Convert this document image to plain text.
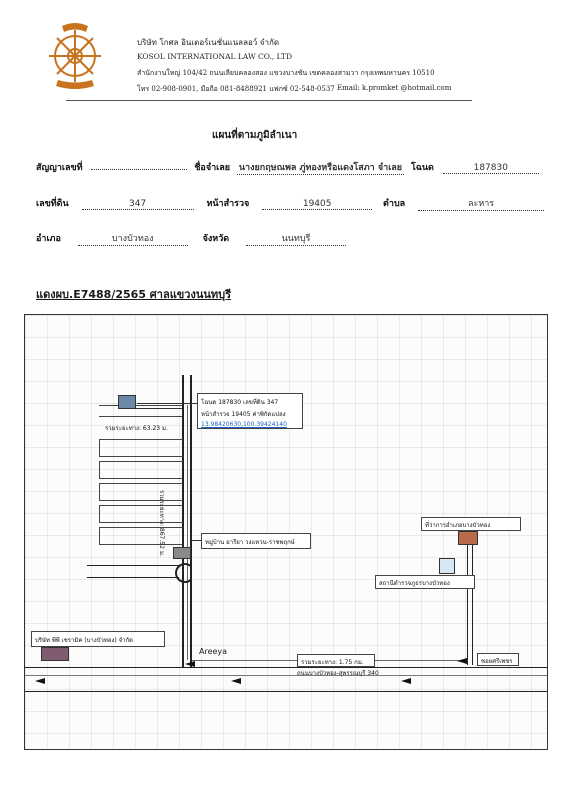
บริษัท โกศล อินเตอร์เนชั่นแนลลอว์ จำกัด
KOSOL INTERNATIONAL LAW CO., LTD
สำนักงานใหญ่ 104/42 ถนนเลียบคลองสอง แขวงบางชัน เขตคลองสามวา กรุงเทพมหานคร 10510
โทร 02-908-0901, มือถือ 081-8488921 แฟกซ์ 02-548-0537 Email: k.promket @hotmail.com
แผนที่ตามภูมิลำเนา
สัญญาเลขที่	ชื่อจำเลย นางยกฤษณพล ภู่ทองหรือแดงโสภา จำเลย โฉนด	187830
เลขที่ดิน	347	หน้าสำรวจ	19405	ตำบล	ละหาร
อำเภอ	บางบัวทอง	จังหวัด	นนทบุรี
แดงผบ.E7488/2565 ศาลแขวงนนทบุรี
รวมระยะทาง: 63.23 ม.
โฉนด 187830 เลขที่ดิน 347
หน้าสำรวจ 19405 ค่าพิกัดแปลง
13.98420630,100.39424140
รวมระยะทาง: 867.52 ม.	หมู่บ้าน อารียา วงแหวน-ราชพฤกษ์
ที่ว่าการอำเภอบางบัวทอง
สถานีตำรวจภูธรบางบัวทอง
บริษัท พีพี เชรามิค (บางบัวทอง) จำกัด
Areeya
รวมระยะทาง: 1.75 กม.	ซอยศรีเพชร
ถนนบางบัวทอง-สุพรรณบุรี 340
